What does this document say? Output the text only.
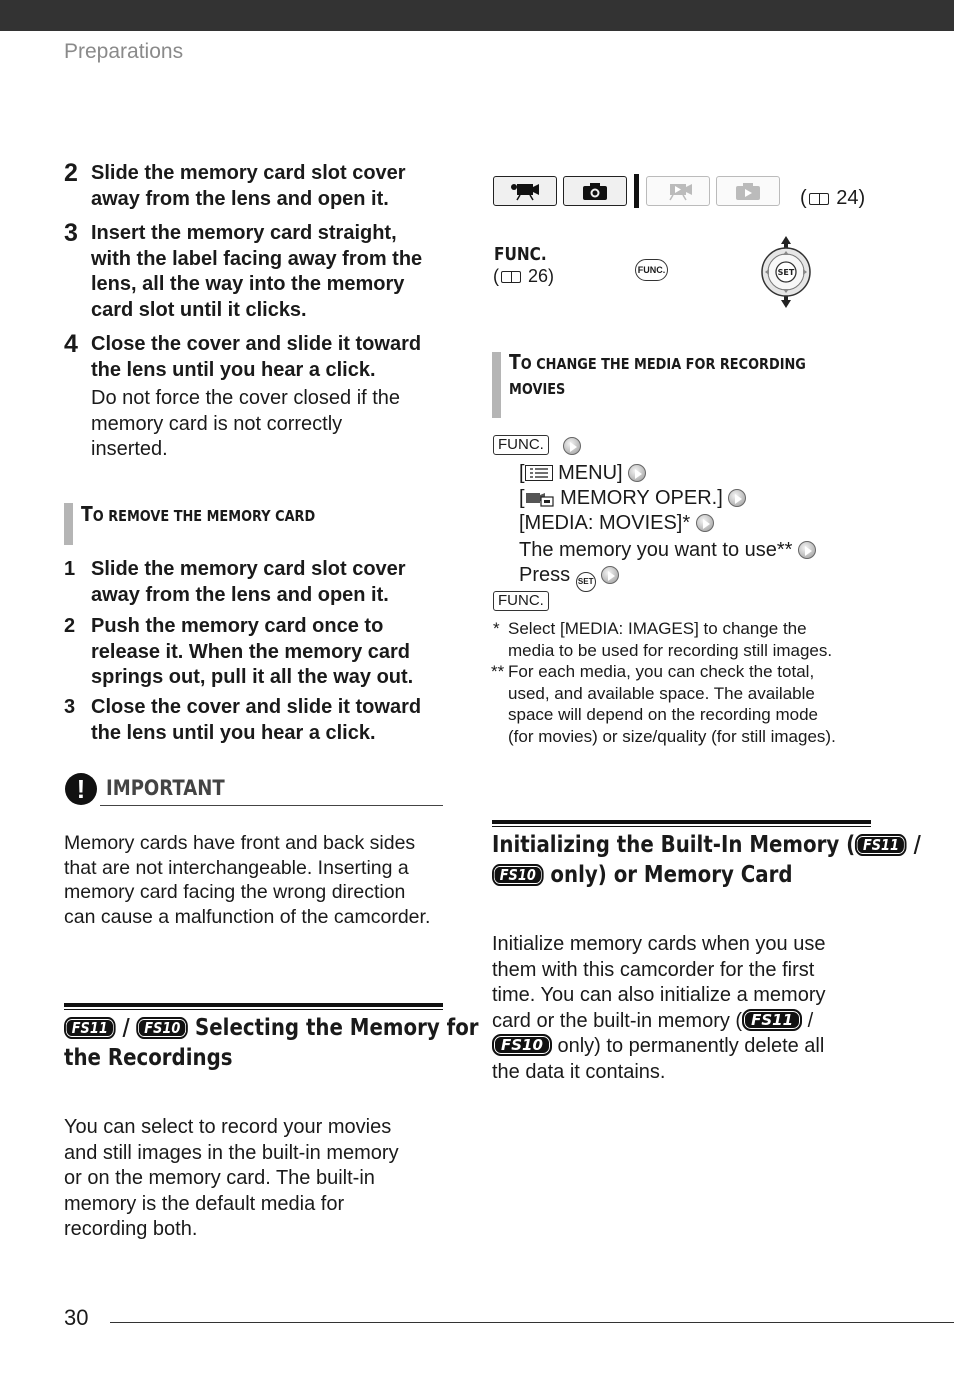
Preparations
2 Slide the memory card slot cover
away from the lens and open it.
3 Insert the memory card straight,
with the label facing away from the
lens, all the way into the memory
card slot until it clicks.
4 Close the cover and slide it toward
the lens until you hear a click.
Do not force the cover closed if the
memory card is not correctly
inserted.
TO REMOVE THE MEMORY CARD
1 Slide the memory card slot cover
away from the lens and open it.
2 Push the memory card once to
release it. When the memory card
springs out, pull it all the way out.
3 Close the cover and slide it toward
the lens until you hear a click.
! IMPORTANT
Memory cards have front and back sides
that are not interchangeable. Inserting a
memory card facing the wrong direction
can cause a malfunction of the camcorder.
FS11 / FS10 Selecting the Memory for
the Recordings
You can select to record your movies
and still images in the built-in memory
or on the memory card. The built-in
memory is the default media for
recording both.
( 24)
FUNC.
( 26)	FUNC.	SET
TO CHANGE THE MEDIA FOR RECORDING
MOVIES
FUNC.
[
MENU]
[ MEMORY OPER.]
[MEDIA: MOVIES]*
The memory you want to use**
Press SET
FUNC.
* Select [MEDIA: IMAGES] to change the
media to be used for recording still images.
** For each media, you can check the total,
used, and available space. The available
space will depend on the recording mode
(for movies) or size/quality (for still images).
Initializing the Built-In Memory ( FS11 /
FS10 only) or Memory Card
Initialize memory cards when you use
them with this camcorder for the first
time. You can also initialize a memory
card or the built-in memory ( FS11 /
FS10 only) to permanently delete all
the data it contains.
30
